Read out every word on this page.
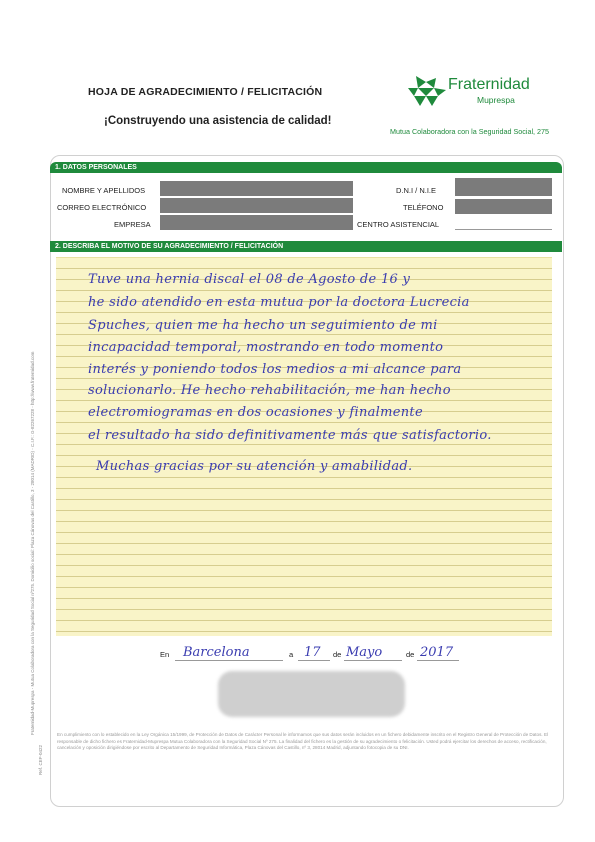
HOJA DE AGRADECIMIENTO / FELICITACIÓN
¡Construyendo una asistencia de calidad!
Fraternidad
Muprespa
Mutua Colaboradora con la Seguridad Social, 275
Fraternidad-Muprespa - Mutua Colaboradora con la Seguridad Social nº275. Domicilio social: Plaza Cánovas del Castillo, 3 - 28014 (MADRID) - C.I.F.: G-82267228 - http://www.fraternidad.com
Ref. CEF-0422
1. DATOS PERSONALES
NOMBRE Y APELLIDOS
CORREO ELECTRÓNICO
EMPRESA
D.N.I / N.I.E
TELÉFONO
CENTRO ASISTENCIAL
2. DESCRIBA EL MOTIVO DE SU AGRADECIMIENTO / FELICITACIÓN
Tuve una hernia discal el 08 de Agosto de 16 y
he sido atendido en esta mutua por la doctora Lucrecia
Spuches, quien me ha hecho un seguimiento de mi
incapacidad temporal, mostrando en todo momento
interés y poniendo todos los medios a mi alcance para
solucionarlo. He hecho rehabilitación, me han hecho
electromiogramas en dos ocasiones y finalmente
el resultado ha sido definitivamente más que satisfactorio.
Muchas gracias por su atención y amabilidad.
En Barcelona	a 17 de Mayo	de 2017
En cumplimiento con lo establecido en la Ley Orgánica 15/1999, de Protección de Datos de Carácter Personal le informamos que sus datos serán incluidos en un fichero debidamente inscrito en el Registro General de Protección de Datos. El responsable de dicho fichero es Fraternidad-Muprespa Mutua Colaboradora con la Seguridad Social Nº 275. La finalidad del fichero es la gestión de su agradecimiento o felicitación. Usted podrá ejercitar los derechos de acceso, rectificación, cancelación y oposición dirigiéndose por escrito al Departamento de Seguridad Informática, Plaza Cánovas del Castillo, nº 3, 28014 Madrid, adjuntando fotocopia de su DNI.
